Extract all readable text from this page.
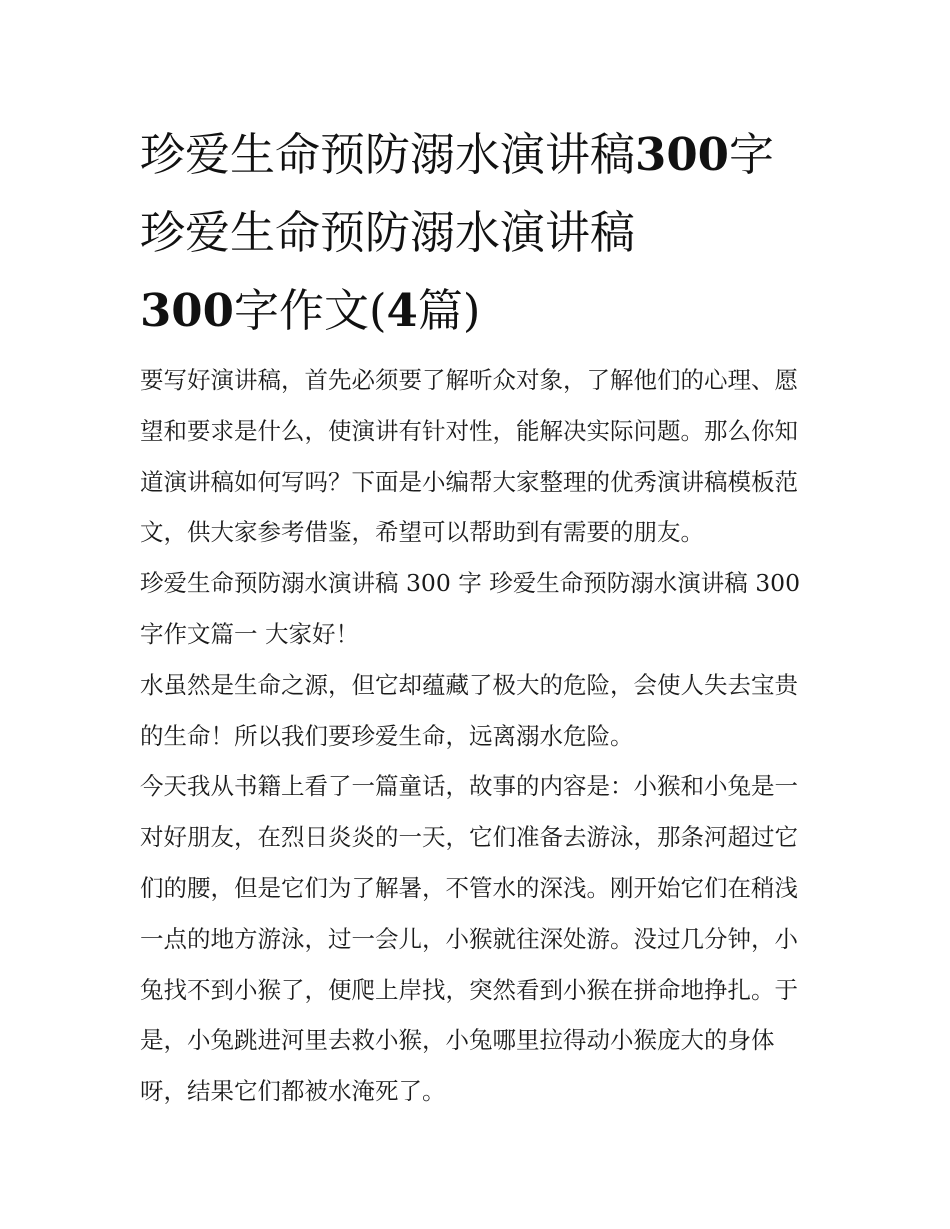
珍爱生命预防溺水演讲稿300字 珍爱生命预防溺水演讲稿
300字作文(4篇)

要写好演讲稿，首先必须要了解听众对象，了解他们的心理、愿望和要求是什么，使演讲有针对性，能解决实际问题。那么你知道演讲稿如何写吗？下面是小编帮大家整理的优秀演讲稿模板范文，供大家参考借鉴，希望可以帮助到有需要的朋友。

珍爱生命预防溺水演讲稿 300 字 珍爱生命预防溺水演讲稿 300 字作文篇一 大家好！

水虽然是生命之源，但它却蕴藏了极大的危险，会使人失去宝贵的生命！所以我们要珍爱生命，远离溺水危险。

今天我从书籍上看了一篇童话，故事的内容是：小猴和小兔是一对好朋友，在烈日炎炎的一天，它们准备去游泳，那条河超过它们的腰，但是它们为了解暑，不管水的深浅。刚开始它们在稍浅一点的地方游泳，过一会儿，小猴就往深处游。没过几分钟，小兔找不到小猴了，便爬上岸找，突然看到小猴在拼命地挣扎。于是，小兔跳进河里去救小猴，小兔哪里拉得动小猴庞大的身体呀，结果它们都被水淹死了。
